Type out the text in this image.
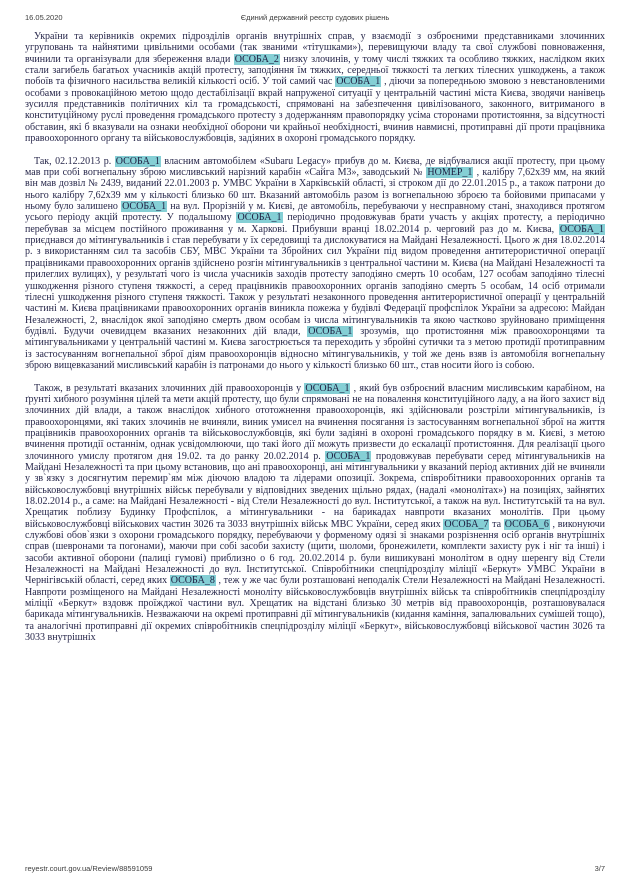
16.05.2020	Єдиний державний реєстр судових рішень

України та керівників окремих підрозділів органів внутрішніх справ, у взаємодії з озброєними представниками злочинних угруповань та найнятими цивільними особами (так званими «тітушками»), перевищуючи владу та свої службові повноваження, вчинили та організували для збереження влади ОСОБА_2 низку злочинів, у тому числі тяжких та особливо тяжких, наслідком яких стали загибель багатьох учасників акцій протесту, заподіяння їм тяжких, середньої тяжкості та легких тілесних ушкоджень, а також побоїв та фізичного насильства великій кількості осіб. У той самий час ОСОБА_1 , діючи за попередньою змовою з невстановленими особами з провокаційною метою щодо дестабілізації вкрай напруженої ситуації у центральній частині міста Києва, зводячи нанівець зусилля представників політичних кіл та громадськості, спрямовані на забезпечення цивілізованого, законного, витриманого в конституційному руслі проведення громадського протесту з додержанням правопорядку усіма сторонами протистояння, за відсутності обставин, які б вказували на ознаки необхідної оборони чи крайньої необхідності, вчинив навмисні, протиправні дії проти працівника правоохоронного органу та військовослужбовців, задіяних в охороні громадського порядку.

Так, 02.12.2013 р. ОСОБА_1 власним автомобілем «Subaru Legacy» прибув до м. Києва, де відбувалися акції протесту, при цьому мав при собі вогнепальну зброю мисливський нарізний карабін «Сайга М3», заводський № НОМЕР_1 , калібру 7,62х39 мм, на який він мав дозвіл № 2439, виданий 22.01.2003 р. УМВС України в Харківській області, зі строком дії до 22.01.2015 р., а також патрони до нього калібру 7,62х39 мм у кількості близько 60 шт. Вказаний автомобіль разом із вогнепальною зброєю та бойовими припасами у ньому було залишено ОСОБА_1 на вул. Прорізній у м. Києві, де автомобіль, перебуваючи у несправному стані, знаходився протягом усього періоду акцій протесту. У подальшому ОСОБА_1 періодично продовжував брати участь у акціях протесту, а періодично перебував за місцем постійного проживання у м. Харкові. Прибувши вранці 18.02.2014 р. черговий раз до м. Києва, ОСОБА_1 приєднався до мітингувальників і став перебувати у їх середовищі та дислокуватися на Майдані Незалежності. Цього ж дня 18.02.2014 р. з використанням сил та засобів СБУ, МВС України та Збройних сил України під видом проведення антитерористичної операції працівниками правоохоронних органів здійснено розгін мітингувальників з центральної частини м. Києва (на Майдані Незалежності та прилеглих вулицях), у результаті чого із числа учасників заходів протесту заподіяно смерть 10 особам, 127 особам заподіяно тілесні ушкодження різного ступеня тяжкості, а серед працівників правоохоронних органів заподіяно смерть 5 особам, 14 осіб отримали тілесні ушкодження різного ступеня тяжкості. Також у результаті незаконного проведення антитерористичної операції у центральній частині м. Києва працівниками правоохоронних органів виникла пожежа у будівлі Федерації профспілок України за адресою: Майдан Незалежності, 2, внаслідок якої заподіяно смерть двом особам із числа мітингувальників та якою частково зруйновано приміщення будівлі. Будучи очевидцем вказаних незаконних дій влади, ОСОБА_1 зрозумів, що протистояння між правоохоронцями та мітингувальниками у центральній частині м. Києва загострюється та переходить у збройні сутички та з метою протидії протиправним із застосуванням вогнепальної зброї діям правоохоронців відносно мітингувальників, у той же день взяв із автомобіля вогнепальну зброю вищевказаний мисливський карабін із патронами до нього у кількості близько 60 шт., став носити його із собою.

Також, в результаті вказаних злочинних дій правоохоронців у ОСОБА_1 , який був озброєний власним мисливським карабіном, на ґрунті хибного розуміння цілей та мети акцій протесту, що були спрямовані не на повалення конституційного ладу, а на його захист від злочинних дій влади, а також внаслідок хибного ототожнення правоохоронців, які здійснювали розстріли мітингувальників, із правоохоронцями, які таких злочинів не вчиняли, виник умисел на вчинення посягання із застосуванням вогнепальної зброї на життя працівників правоохоронних органів та військовослужбовців, які були задіяні в охороні громадського порядку в м. Києві, з метою вчинення протидії останнім, однак усвідомлюючи, що такі його дії можуть призвести до ескалації протистояння. Для реалізації цього злочинного умислу протягом дня 19.02. та до ранку 20.02.2014 р. ОСОБА_1 продовжував перебувати серед мітингувальників на Майдані Незалежності та при цьому встановив, що ані правоохоронці, ані мітингувальники у вказаний період активних дій не вчиняли у зв`язку з досягнутим перемир`ям між діючою владою та лідерами опозиції. Зокрема, співробітники правоохоронних органів та військовослужбовці внутрішніх військ перебували у відповідних зведених щільно рядах, (надалі «монолітах») на позиціях, зайнятих 18.02.2014 р., а саме: на Майдані Незалежності - від Стели Незалежності до вул. Інститутської, а також на вул. Інститутській та на вул. Хрещатик поблизу Будинку Профспілок, а мітингувальники - на барикадах навпроти вказаних монолітів. При цьому військовослужбовці військових частин 3026 та 3033 внутрішніх військ МВС України, серед яких ОСОБА_7 та ОСОБА_6 , виконуючи службові обов`язки з охорони громадського порядку, перебуваючи у форменому одязі зі знаками розрізнення осіб органів внутрішніх справ (шевронами та погонами), маючи при собі засоби захисту (щити, шоломи, бронежилети, комплекти захисту рук і ніг та інші) і засоби активної оборони (палиці гумові) приблизно о 6 год. 20.02.2014 р. були вишикувані монолітом в одну шеренгу від Стели Незалежності на Майдані Незалежності до вул. Інститутської. Співробітники спецпідрозділу міліції «Беркут» УМВС України в Чернігівській області, серед яких ОСОБА_8 , теж у же час були розташовані неподалік Стели Незалежності на Майдані Незалежності. Навпроти розміщеного на Майдані Незалежності моноліту військовослужбовців внутрішніх військ та співробітників спецпідрозділу міліції «Беркут» вздовж проїжджої частини вул. Хрещатик на відстані близько 30 метрів від правоохоронців, розташовувалася барикада мітингувальників. Незважаючи на окремі протиправні дії мітингувальників (кидання каміння, запалювальних сумішей тощо), та аналогічні протиправні дії окремих співробітників спецпідрозділу міліції «Беркут», військовослужбовці військової частин 3026 та 3033 внутрішніх

reyestr.court.gov.ua/Review/88591059	3/7
